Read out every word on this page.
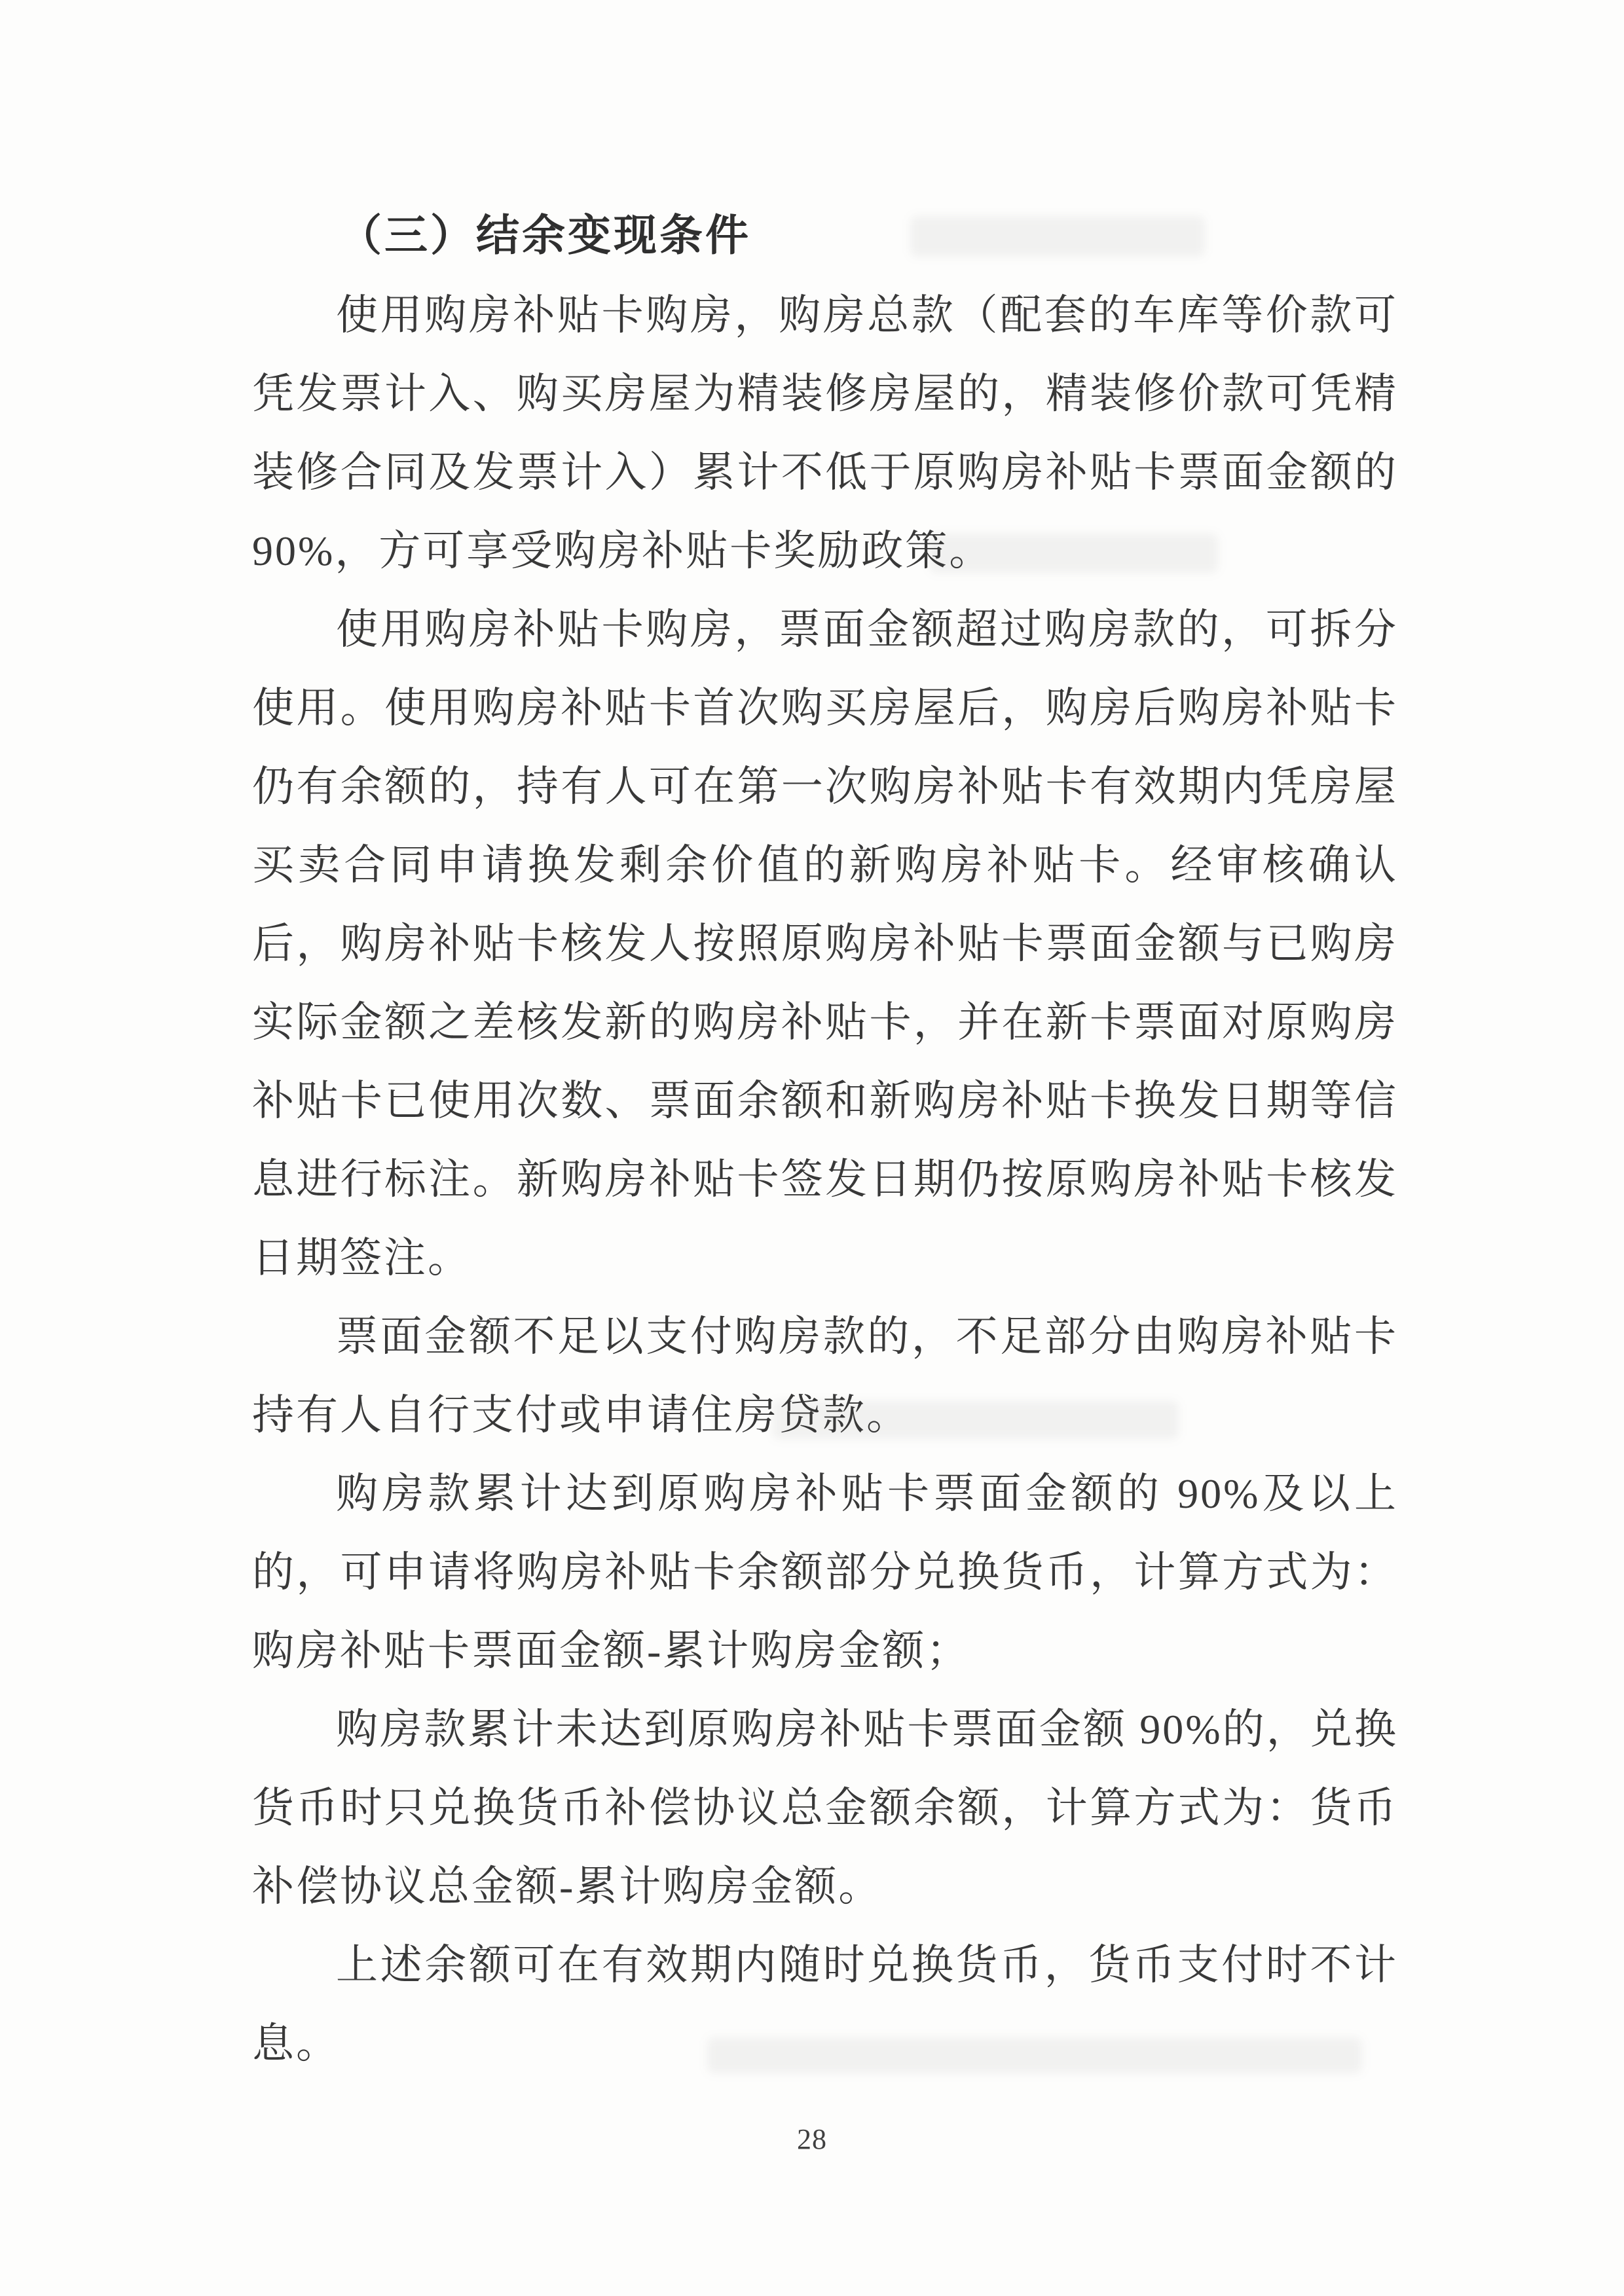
（三）结余变现条件

使用购房补贴卡购房，购房总款（配套的车库等价款可凭发票计入、购买房屋为精装修房屋的，精装修价款可凭精装修合同及发票计入）累计不低于原购房补贴卡票面金额的90%，方可享受购房补贴卡奖励政策。

使用购房补贴卡购房，票面金额超过购房款的，可拆分使用。使用购房补贴卡首次购买房屋后，购房后购房补贴卡仍有余额的，持有人可在第一次购房补贴卡有效期内凭房屋买卖合同申请换发剩余价值的新购房补贴卡。经审核确认后，购房补贴卡核发人按照原购房补贴卡票面金额与已购房实际金额之差核发新的购房补贴卡，并在新卡票面对原购房补贴卡已使用次数、票面余额和新购房补贴卡换发日期等信息进行标注。新购房补贴卡签发日期仍按原购房补贴卡核发日期签注。

票面金额不足以支付购房款的，不足部分由购房补贴卡持有人自行支付或申请住房贷款。

购房款累计达到原购房补贴卡票面金额的 90%及以上的，可申请将购房补贴卡余额部分兑换货币，计算方式为：购房补贴卡票面金额-累计购房金额；

购房款累计未达到原购房补贴卡票面金额 90%的，兑换货币时只兑换货币补偿协议总金额余额，计算方式为：货币补偿协议总金额-累计购房金额。

上述余额可在有效期内随时兑换货币，货币支付时不计息。

28
